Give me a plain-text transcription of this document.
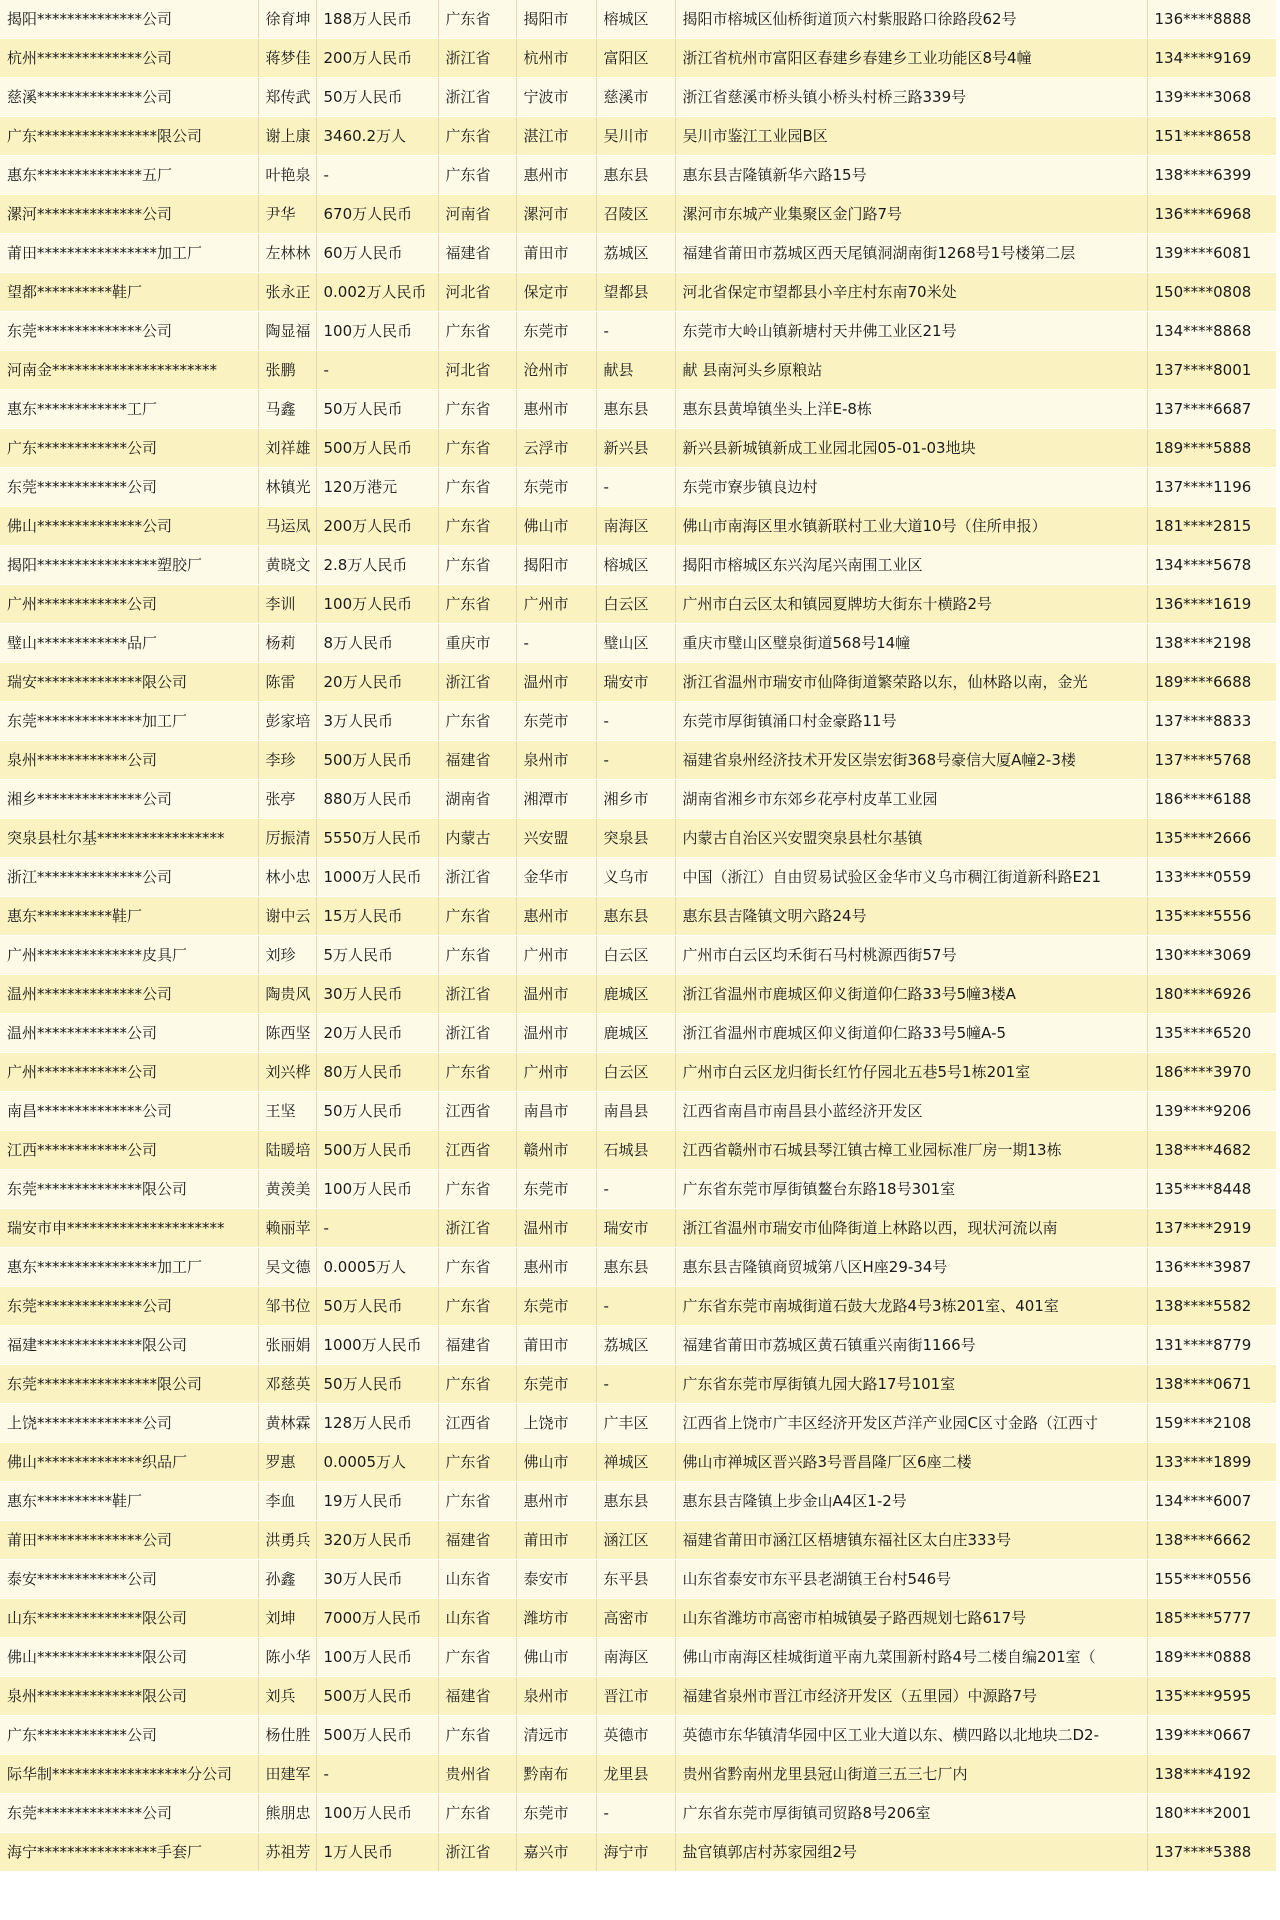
揭阳**************公司	徐育坤	188万人民币	广东省	揭阳市	榕城区	揭阳市榕城区仙桥街道顶六村紫服路口徐路段62号	136****8888
杭州**************公司	蒋梦佳	200万人民币	浙江省	杭州市	富阳区	浙江省杭州市富阳区春建乡春建乡工业功能区8号4幢	134****9169
慈溪**************公司	郑传武	50万人民币	浙江省	宁波市	慈溪市	浙江省慈溪市桥头镇小桥头村桥三路339号	139****3068
广东****************限公司	谢上康	3460.2万人	广东省	湛江市	吴川市	吴川市鉴江工业园B区	151****8658
惠东**************五厂	叶艳泉	-	广东省	惠州市	惠东县	惠东县吉隆镇新华六路15号	138****6399
漯河**************公司	尹华	670万人民币	河南省	漯河市	召陵区	漯河市东城产业集聚区金门路7号	136****6968
莆田****************加工厂	左林林	60万人民币	福建省	莆田市	荔城区	福建省莆田市荔城区西天尾镇洞湖南街1268号1号楼第二层	139****6081
望都**********鞋厂	张永正	0.002万人民币	河北省	保定市	望都县	河北省保定市望都县小辛庄村东南70米处	150****0808
东莞**************公司	陶显福	100万人民币	广东省	东莞市	-	东莞市大岭山镇新塘村天井佛工业区21号	134****8868
河南金**********************	张鹏	-	河北省	沧州市	献县	献 县南河头乡原粮站	137****8001
惠东************工厂	马鑫	50万人民币	广东省	惠州市	惠东县	惠东县黄埠镇坐头上洋E-8栋	137****6687
广东************公司	刘祥雄	500万人民币	广东省	云浮市	新兴县	新兴县新城镇新成工业园北园05-01-03地块	189****5888
东莞************公司	林镇光	120万港元	广东省	东莞市	-	东莞市寮步镇良边村	137****1196
佛山**************公司	马运凤	200万人民币	广东省	佛山市	南海区	佛山市南海区里水镇新联村工业大道10号（住所申报）	181****2815
揭阳****************塑胶厂	黄晓文	2.8万人民币	广东省	揭阳市	榕城区	揭阳市榕城区东兴沟尾兴南围工业区	134****5678
广州************公司	李训	100万人民币	广东省	广州市	白云区	广州市白云区太和镇园夏牌坊大街东十横路2号	136****1619
璧山************品厂	杨莉	8万人民币	重庆市	-	璧山区	重庆市璧山区璧泉街道568号14幢	138****2198
瑞安**************限公司	陈雷	20万人民币	浙江省	温州市	瑞安市	浙江省温州市瑞安市仙降街道繁荣路以东，仙林路以南，金光	189****6688
东莞**************加工厂	彭家培	3万人民币	广东省	东莞市	-	东莞市厚街镇涌口村金豪路11号	137****8833
泉州************公司	李珍	500万人民币	福建省	泉州市	-	福建省泉州经济技术开发区崇宏街368号豪信大厦A幢2-3楼	137****5768
湘乡**************公司	张亭	880万人民币	湖南省	湘潭市	湘乡市	湖南省湘乡市东郊乡花亭村皮革工业园	186****6188
突泉县杜尔基*****************	厉振清	5550万人民币	内蒙古	兴安盟	突泉县	内蒙古自治区兴安盟突泉县杜尔基镇	135****2666
浙江**************公司	林小忠	1000万人民币	浙江省	金华市	义乌市	中国（浙江）自由贸易试验区金华市义乌市稠江街道新科路E21	133****0559
惠东**********鞋厂	谢中云	15万人民币	广东省	惠州市	惠东县	惠东县吉隆镇文明六路24号	135****5556
广州**************皮具厂	刘珍	5万人民币	广东省	广州市	白云区	广州市白云区均禾街石马村桃源西街57号	130****3069
温州**************公司	陶贵风	30万人民币	浙江省	温州市	鹿城区	浙江省温州市鹿城区仰义街道仰仁路33号5幢3楼A	180****6926
温州************公司	陈西坚	20万人民币	浙江省	温州市	鹿城区	浙江省温州市鹿城区仰义街道仰仁路33号5幢A-5	135****6520
广州************公司	刘兴桦	80万人民币	广东省	广州市	白云区	广州市白云区龙归街长红竹仔园北五巷5号1栋201室	186****3970
南昌**************公司	王坚	50万人民币	江西省	南昌市	南昌县	江西省南昌市南昌县小蓝经济开发区	139****9206
江西************公司	陆暖培	500万人民币	江西省	赣州市	石城县	江西省赣州市石城县琴江镇古樟工业园标准厂房一期13栋	138****4682
东莞**************限公司	黄羡美	100万人民币	广东省	东莞市	-	广东省东莞市厚街镇鳌台东路18号301室	135****8448
瑞安市申*********************	赖丽苹	-	浙江省	温州市	瑞安市	浙江省温州市瑞安市仙降街道上林路以西，现状河流以南	137****2919
惠东****************加工厂	吴文德	0.0005万人	广东省	惠州市	惠东县	惠东县吉隆镇商贸城第八区H座29-34号	136****3987
东莞**************公司	邹书位	50万人民币	广东省	东莞市	-	广东省东莞市南城街道石鼓大龙路4号3栋201室、401室	138****5582
福建**************限公司	张丽娟	1000万人民币	福建省	莆田市	荔城区	福建省莆田市荔城区黄石镇重兴南街1166号	131****8779
东莞****************限公司	邓慈英	50万人民币	广东省	东莞市	-	广东省东莞市厚街镇九园大路17号101室	138****0671
上饶**************公司	黄林霖	128万人民币	江西省	上饶市	广丰区	江西省上饶市广丰区经济开发区芦洋产业园C区寸金路（江西寸	159****2108
佛山**************织品厂	罗惠	0.0005万人	广东省	佛山市	禅城区	佛山市禅城区晋兴路3号晋昌隆厂区6座二楼	133****1899
惠东**********鞋厂	李血	19万人民币	广东省	惠州市	惠东县	惠东县吉隆镇上步金山A4区1-2号	134****6007
莆田**************公司	洪勇兵	320万人民币	福建省	莆田市	涵江区	福建省莆田市涵江区梧塘镇东福社区太白庄333号	138****6662
泰安************公司	孙鑫	30万人民币	山东省	泰安市	东平县	山东省泰安市东平县老湖镇王台村546号	155****0556
山东**************限公司	刘坤	7000万人民币	山东省	潍坊市	高密市	山东省潍坊市高密市柏城镇晏子路西规划七路617号	185****5777
佛山**************限公司	陈小华	100万人民币	广东省	佛山市	南海区	佛山市南海区桂城街道平南九菜围新村路4号二楼自编201室（	189****0888
泉州**************限公司	刘兵	500万人民币	福建省	泉州市	晋江市	福建省泉州市晋江市经济开发区（五里园）中源路7号	135****9595
广东************公司	杨仕胜	500万人民币	广东省	清远市	英德市	英德市东华镇清华园中区工业大道以东、横四路以北地块二D2-	139****0667
际华制******************分公司	田建军	-	贵州省	黔南布	龙里县	贵州省黔南州龙里县冠山街道三五三七厂内	138****4192
东莞**************公司	熊朋忠	100万人民币	广东省	东莞市	-	广东省东莞市厚街镇司贸路8号206室	180****2001
海宁****************手套厂	苏祖芳	1万人民币	浙江省	嘉兴市	海宁市	盐官镇郭店村苏家园组2号	137****5388
